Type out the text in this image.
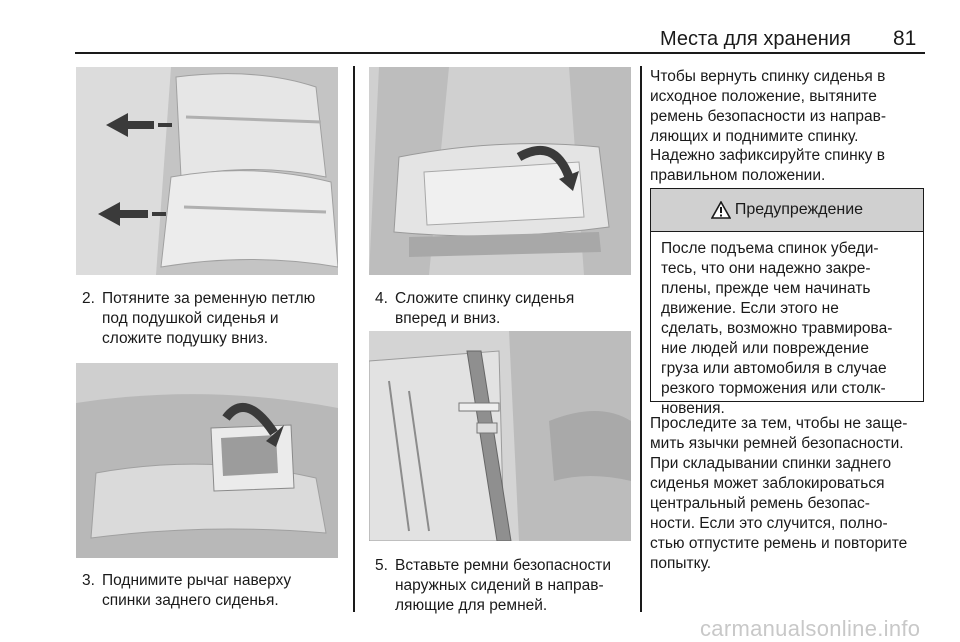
Места для хранения 81
2. Потяните за ременную петлю
под подушкой сиденья и
сложите подушку вниз.
3. Поднимите рычаг наверху
спинки заднего сиденья.
4. Сложите спинку сиденья
вперед и вниз.
5. Вставьте ремни безопасности
наружных сидений в направ-
ляющие для ремней.
Чтобы вернуть спинку сиденья в
исходное положение, вытяните
ремень безопасности из направ-
ляющих и поднимите спинку.
Надежно зафиксируйте спинку в
правильном положении.
Предупреждение
После подъема спинок убеди-
тесь, что они надежно закре-
плены, прежде чем начинать
движение. Если этого не
сделать, возможно травмирова-
ние людей или повреждение
груза или автомобиля в случае
резкого торможения или столк-
новения.
Проследите за тем, чтобы не заще-
мить язычки ремней безопасности.
При складывании спинки заднего
сиденья может заблокироваться
центральный ремень безопас-
ности. Если это случится, полно-
стью отпустите ремень и повторите
попытку.
carmanualsonline.info
